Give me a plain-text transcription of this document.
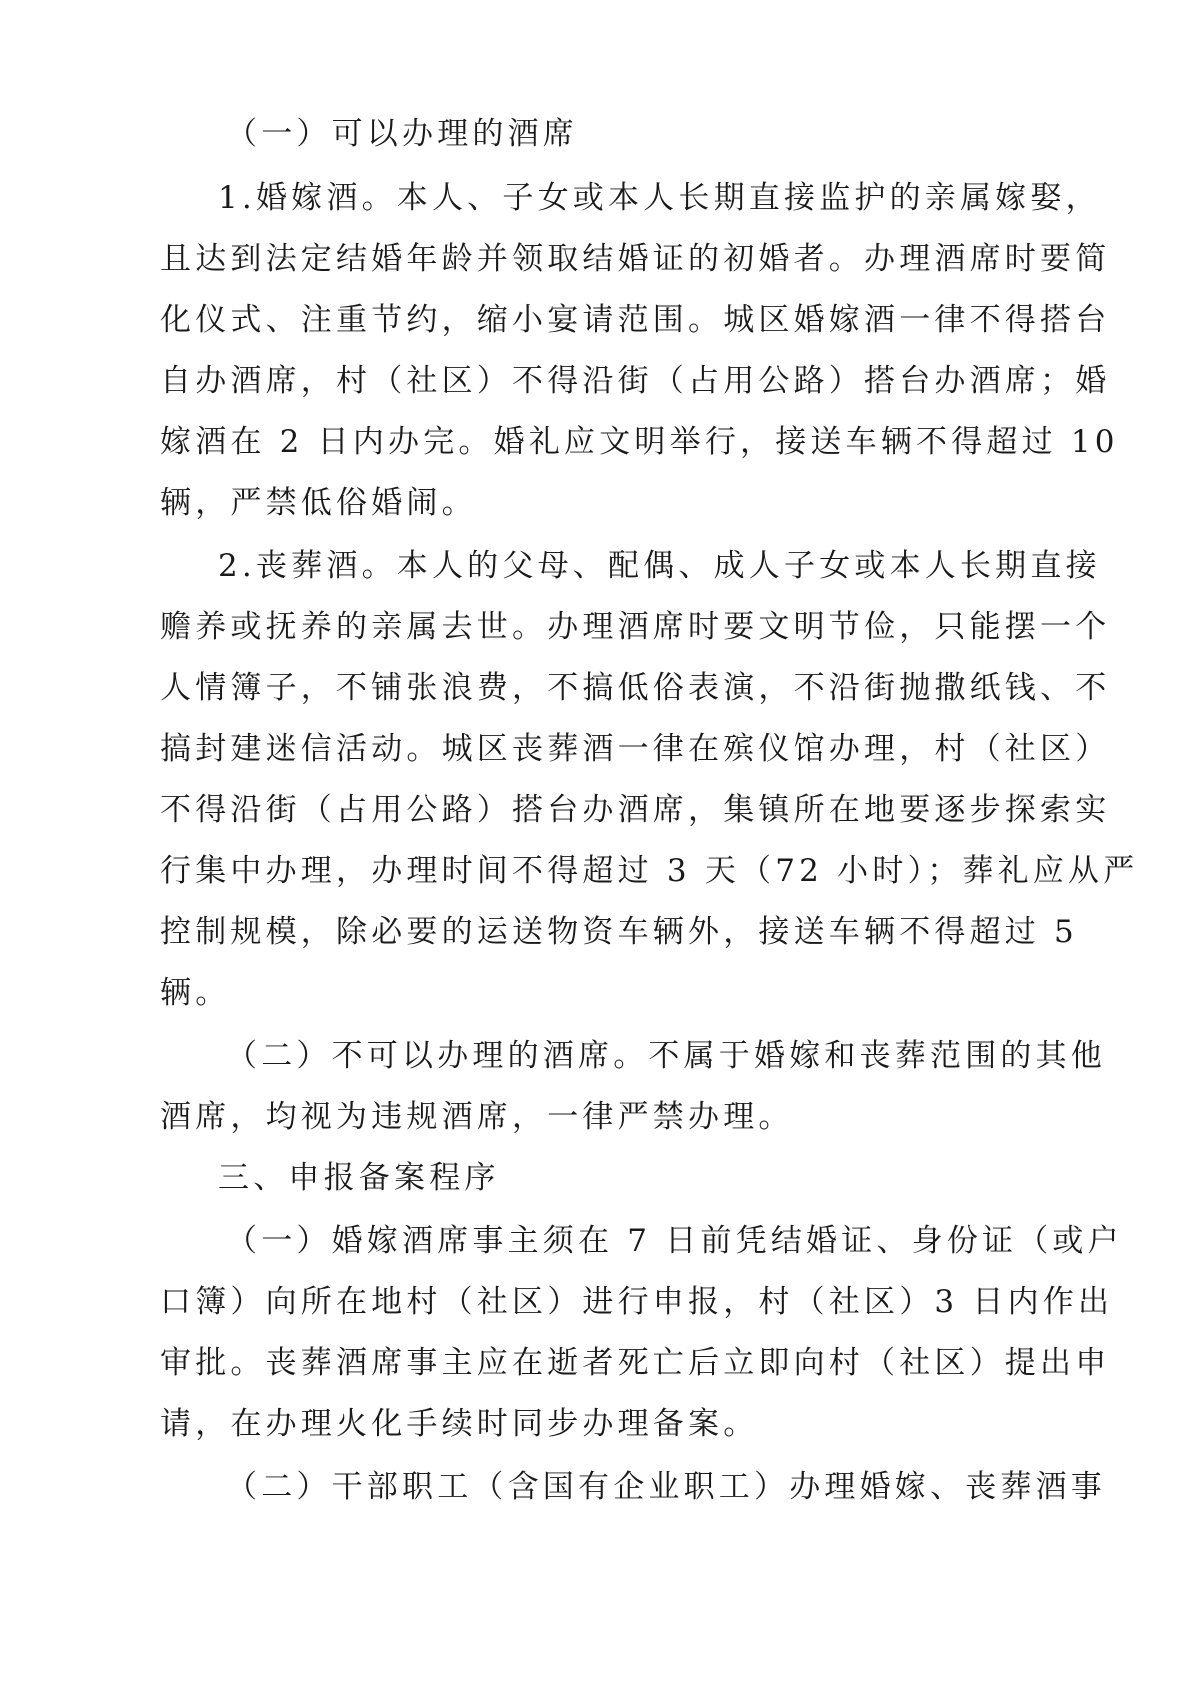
（一）可以办理的酒席
1.婚嫁酒。本人、子女或本人长期直接监护的亲属嫁娶，
且达到法定结婚年龄并领取结婚证的初婚者。办理酒席时要简
化仪式、注重节约，缩小宴请范围。城区婚嫁酒一律不得搭台
自办酒席，村（社区）不得沿街（占用公路）搭台办酒席；婚
嫁酒在 2 日内办完。婚礼应文明举行，接送车辆不得超过 10
辆，严禁低俗婚闹。
2.丧葬酒。本人的父母、配偶、成人子女或本人长期直接
赡养或抚养的亲属去世。办理酒席时要文明节俭，只能摆一个
人情簿子，不铺张浪费，不搞低俗表演，不沿街抛撒纸钱、不
搞封建迷信活动。城区丧葬酒一律在殡仪馆办理，村（社区）
不得沿街（占用公路）搭台办酒席，集镇所在地要逐步探索实
行集中办理，办理时间不得超过 3 天（72 小时）；葬礼应从严
控制规模，除必要的运送物资车辆外，接送车辆不得超过 5
辆。
（二）不可以办理的酒席。不属于婚嫁和丧葬范围的其他
酒席，均视为违规酒席，一律严禁办理。
三、申报备案程序
（一）婚嫁酒席事主须在 7 日前凭结婚证、身份证（或户
口簿）向所在地村（社区）进行申报，村（社区）3 日内作出
审批。丧葬酒席事主应在逝者死亡后立即向村（社区）提出申
请，在办理火化手续时同步办理备案。
（二）干部职工（含国有企业职工）办理婚嫁、丧葬酒事
